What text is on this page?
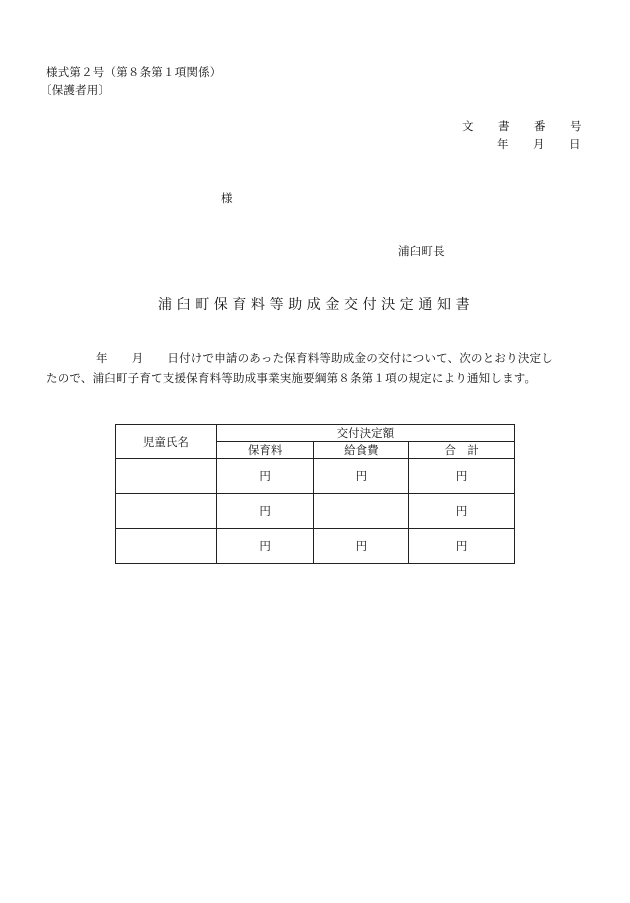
様式第２号（第８条第１項関係）
〔保護者用〕
文 書 番 号
年 月 日
様
浦臼町長
浦臼町保育料等助成金交付決定通知書
年 月 日付けで申請のあった保育料等助成金の交付について、次のとおり決定し
たので、浦臼町子育て支援保育料等助成事業実施要綱第８条第１項の規定により通知します。
児童氏名	交付決定額		
	保育料	給食費	合　計
	円	円	円
	円		円
	円	円	円
